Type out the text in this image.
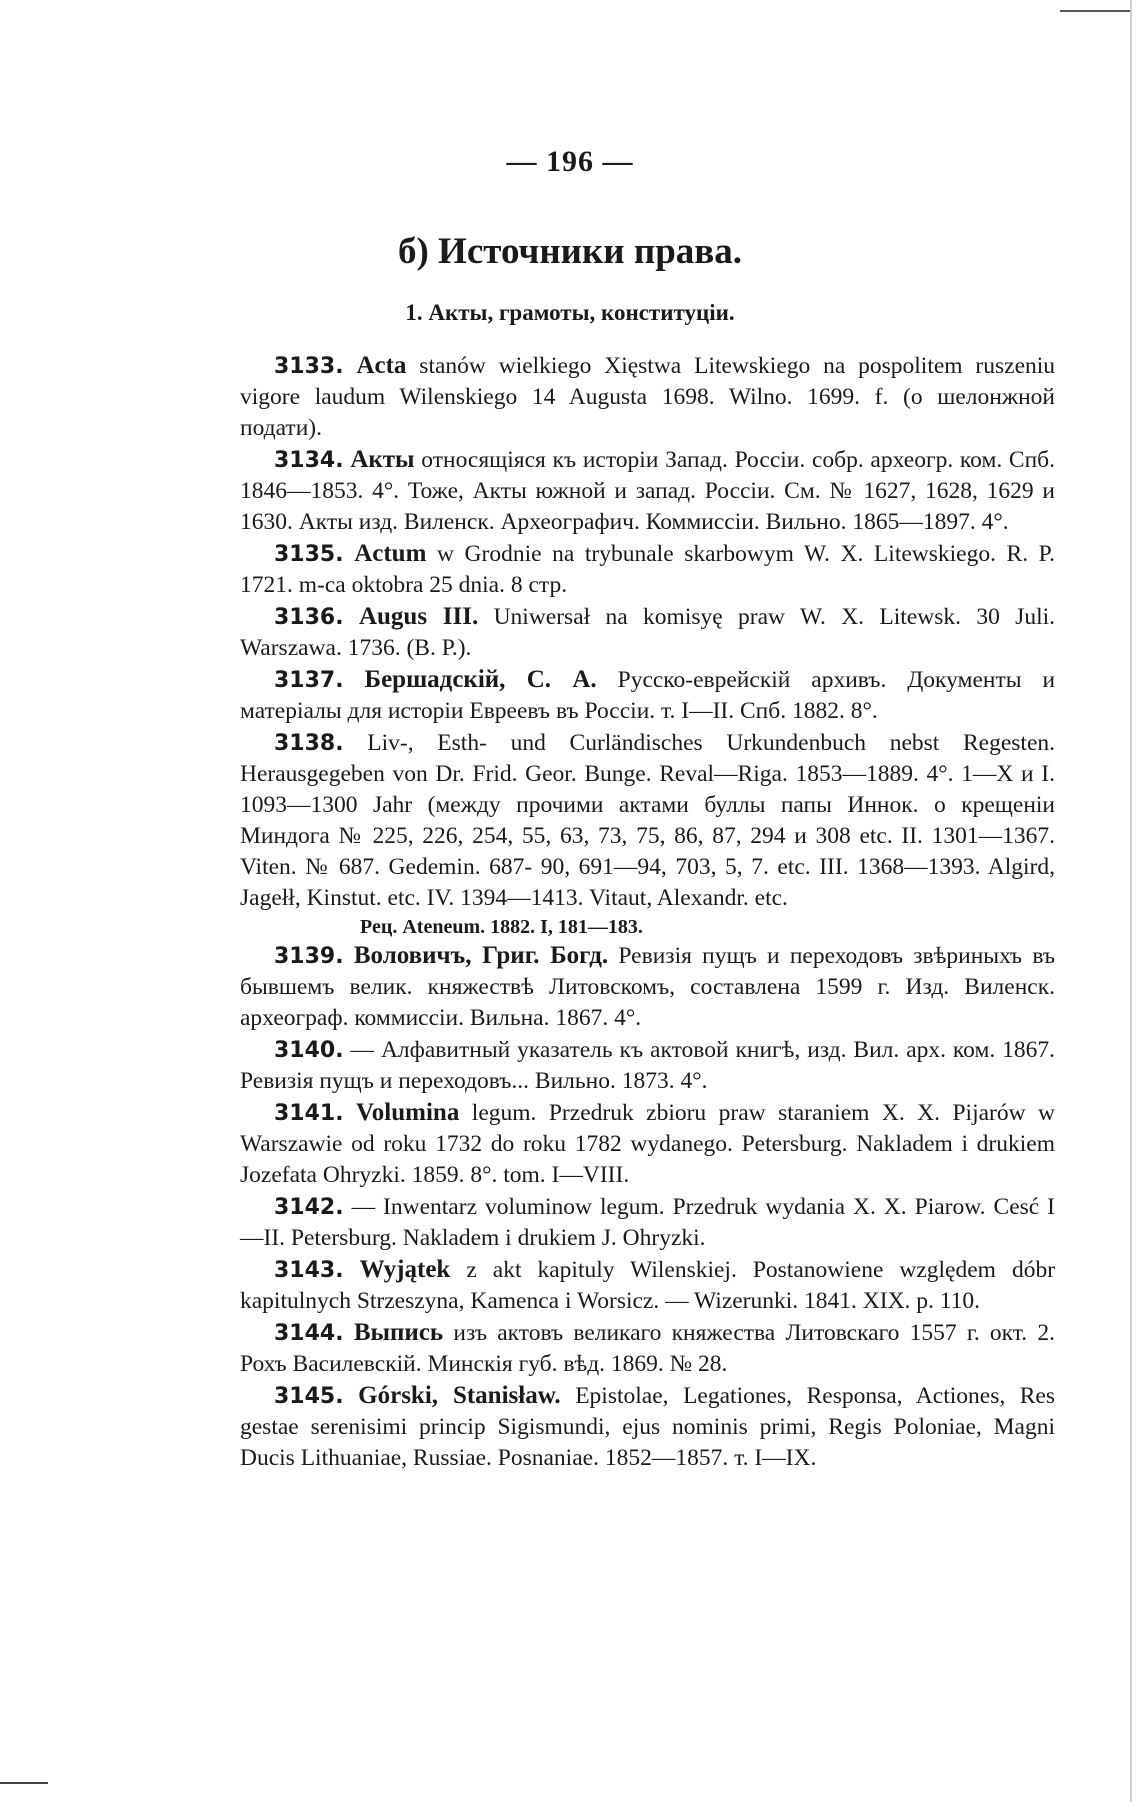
— 196 —
б) Источники права.
1. Акты, грамоты, конституціи.

3133. Acta stanów wielkiego Xięstwa Litewskiego na pospolitem ruszeniu vigore laudum Wilenskiego 14 Augusta 1698. Wilno. 1699. f. (о шелонжной подати).

3134. Акты относящіяся къ исторіи Запад. Россіи. собр. археогр. ком. Спб. 1846—1853. 4°. Тоже, Акты южной и запад. Россіи. См. № 1627, 1628, 1629 и 1630. Акты изд. Виленск. Археографич. Коммиссіи. Вильно. 1865—1897. 4°.

3135. Actum w Grodnie na trybunale skarbowym W. X. Litewskiego. R. P. 1721. m-ca oktobra 25 dnia. 8 стр.

3136. Augus III. Uniwersał na komisyę praw W. X. Litewsk. 30 Juli. Warszawa. 1736. (В. Р.).

3137. Бершадскій, С. А. Русско-еврейскій архивъ. Документы и матеріалы для исторіи Евреевъ въ Россіи. т. I—II. Спб. 1882. 8°.

3138. Liv-, Esth- und Curländisches Urkundenbuch nebst Regesten. Herausgegeben von Dr. Frid. Geor. Bunge. Reval—Riga. 1853—1889. 4°. 1—X и I. 1093—1300 Jahr (между прочими актами буллы папы Иннок. о крещеніи Миндога № 225, 226, 254, 55, 63, 73, 75, 86, 87, 294 и 308 etc. II. 1301—1367. Viten. № 687. Gedemin. 687- 90, 691—94, 703, 5, 7. etc. III. 1368—1393. Algird, Jagełł, Kinstut. etc. IV. 1394—1413. Vitaut, Alexandr. etc.

Рец. Ateneum. 1882. I, 181—183.

3139. Воловичъ, Григ. Богд. Ревизія пущъ и переходовъ звѣриныхъ въ бывшемъ велик. княжествѣ Литовскомъ, составлена 1599 г. Изд. Виленск. археограф. коммиссіи. Вильна. 1867. 4°.

3140. — Алфавитный указатель къ актовой книгѣ, изд. Вил. арх. ком. 1867. Ревизія пущъ и переходовъ... Вильно. 1873. 4°.

3141. Volumina legum. Przedruk zbioru praw staraniem X. X. Pijarów w Warszawie od roku 1732 do roku 1782 wydanego. Petersburg. Nakladem i drukiem Jozefata Ohryzki. 1859. 8°. tom. I—VIII.

3142. — Inwentarz voluminow legum. Przedruk wydania X. X. Piarow. Cesć I—II. Petersburg. Nakladem i drukiem J. Ohryzki.

3143. Wyjątek z akt kapituly Wilenskiej. Postanowiene względem dóbr kapitulnych Strzeszyna, Kamenca i Worsicz. — Wizerunki. 1841. XIX. p. 110.

3144. Выпись изъ актовъ великаго княжества Литовскаго 1557 г. окт. 2. Рохъ Василевскій. Минскія губ. вѣд. 1869. № 28.

3145. Górski, Stanisław. Epistolae, Legationes, Responsa, Actiones, Res gestae serenisimi princip Sigismundi, ejus nominis primi, Regis Poloniae, Magni Ducis Lithuaniae, Russiae. Posnaniae. 1852—1857. т. I—IX.
